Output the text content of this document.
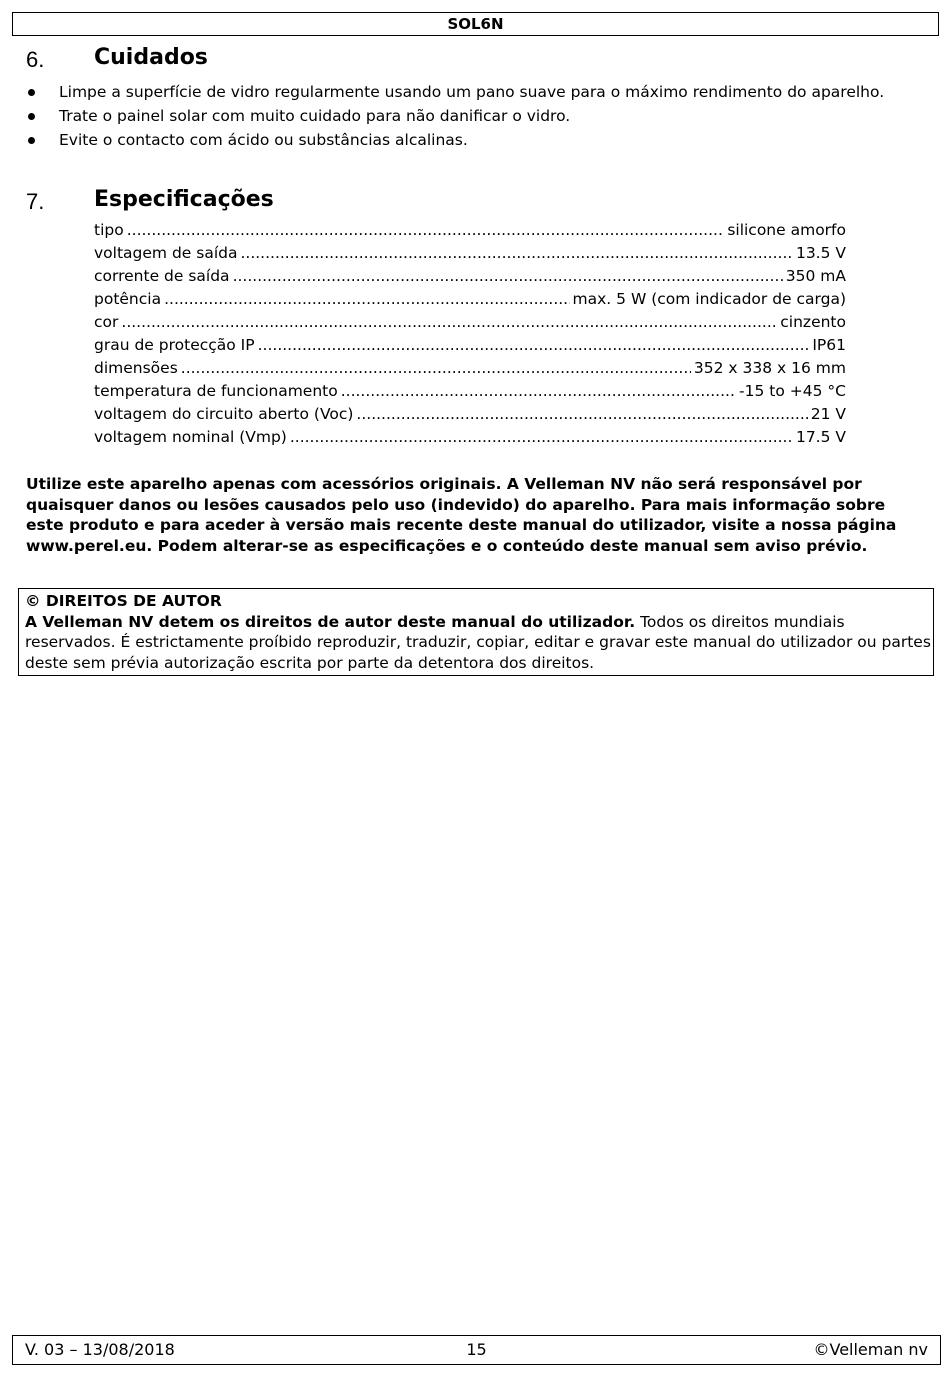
SOL6N
6. Cuidados
Limpe a superfície de vidro regularmente usando um pano suave para o máximo rendimento do aparelho.
Trate o painel solar com muito cuidado para não danificar o vidro.
Evite o contacto com ácido ou substâncias alcalinas.
7. Especificações
tipo .....	silicone amorfo
voltagem de saída .....	13.5 V
corrente de saída .....	350 mA
potência .....	max. 5 W (com indicador de carga)
cor .....	cinzento
grau de protecção IP .....	IP61
dimensões .....	352 x 338 x 16 mm
temperatura de funcionamento .....	-15 to +45 °C
voltagem do circuito aberto (Voc) .....	21 V
voltagem nominal (Vmp) .....	17.5 V
Utilize este aparelho apenas com acessórios originais. A Velleman NV não será responsável por quaisquer danos ou lesões causados pelo uso (indevido) do aparelho. Para mais informação sobre este produto e para aceder à versão mais recente deste manual do utilizador, visite a nossa página www.perel.eu. Podem alterar-se as especificações e o conteúdo deste manual sem aviso prévio.
© DIREITOS DE AUTOR
A Velleman NV detem os direitos de autor deste manual do utilizador. Todos os direitos mundiais reservados. É estrictamente proíbido reproduzir, traduzir, copiar, editar e gravar este manual do utilizador ou partes deste sem prévia autorização escrita por parte da detentora dos direitos.
V. 03 – 13/08/2018	15	©Velleman nv
